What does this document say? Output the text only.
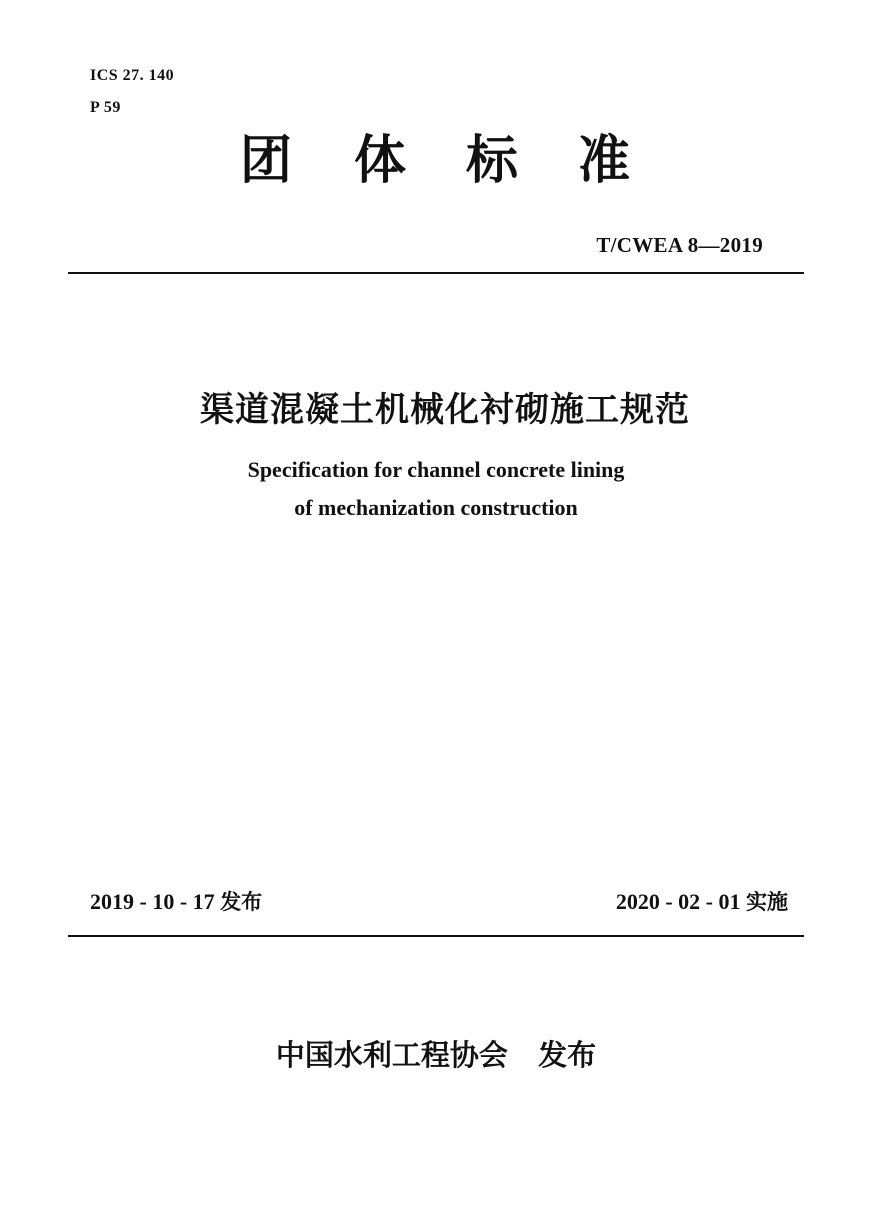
ICS 27. 140
P 59
团 体 标 准
T/CWEA 8—2019
渠道混凝土机械化衬砌施工规范
Specification for channel concrete lining
of mechanization construction
2019 - 10 - 17 发布	2020 - 02 - 01 实施
中国水利工程协会 发布
